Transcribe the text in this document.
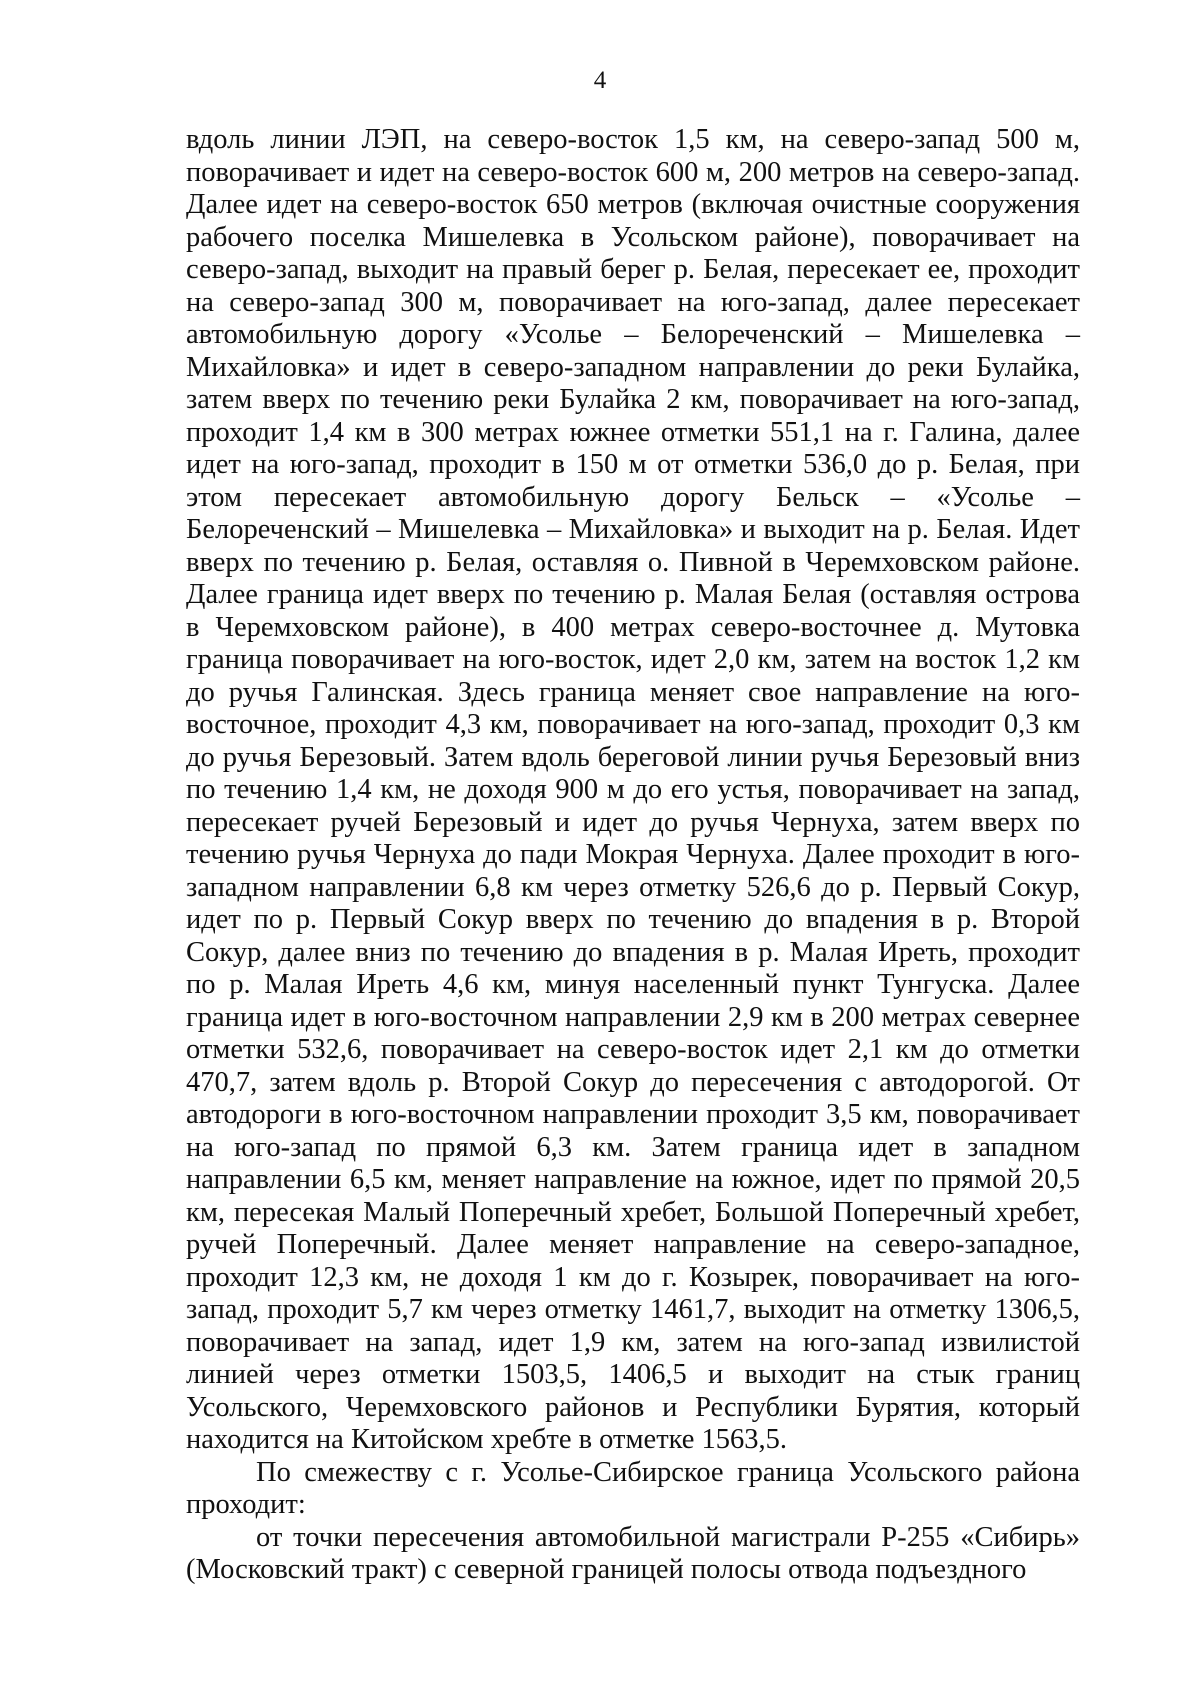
4

вдоль линии ЛЭП, на северо-восток 1,5 км, на северо-запад 500 м, поворачивает и идет на северо-восток 600 м, 200 метров на северо-запад. Далее идет на северо-восток 650 метров (включая очистные сооружения рабочего поселка Мишелевка в Усольском районе), поворачивает на северо-запад, выходит на правый берег р. Белая, пересекает ее, проходит на северо-запад 300 м, поворачивает на юго-запад, далее пересекает автомобильную дорогу «Усолье – Белореченский – Мишелевка – Михайловка» и идет в северо-западном направлении до реки Булайка, затем вверх по течению реки Булайка 2 км, поворачивает на юго-запад, проходит 1,4 км в 300 метрах южнее отметки 551,1 на г. Галина, далее идет на юго-запад, проходит в 150 м от отметки 536,0 до р. Белая, при этом пересекает автомобильную дорогу Бельск – «Усолье – Белореченский – Мишелевка – Михайловка» и выходит на р. Белая. Идет вверх по течению р. Белая, оставляя о. Пивной в Черемховском районе. Далее граница идет вверх по течению р. Малая Белая (оставляя острова в Черемховском районе), в 400 метрах северо-восточнее д. Мутовка граница поворачивает на юго-восток, идет 2,0 км, затем на восток 1,2 км до ручья Галинская. Здесь граница меняет свое направление на юго-восточное, проходит 4,3 км, поворачивает на юго-запад, проходит 0,3 км до ручья Березовый. Затем вдоль береговой линии ручья Березовый вниз по течению 1,4 км, не доходя 900 м до его устья, поворачивает на запад, пересекает ручей Березовый и идет до ручья Чернуха, затем вверх по течению ручья Чернуха до пади Мокрая Чернуха. Далее проходит в юго-западном направлении 6,8 км через отметку 526,6 до р. Первый Сокур, идет по р. Первый Сокур вверх по течению до впадения в р. Второй Сокур, далее вниз по течению до впадения в р. Малая Иреть, проходит по р. Малая Иреть 4,6 км, минуя населенный пункт Тунгуска. Далее граница идет в юго-восточном направлении 2,9 км в 200 метрах севернее отметки 532,6, поворачивает на северо-восток идет 2,1 км до отметки 470,7, затем вдоль р. Второй Сокур до пересечения с автодорогой. От автодороги в юго-восточном направлении проходит 3,5 км, поворачивает на юго-запад по прямой 6,3 км. Затем граница идет в западном направлении 6,5 км, меняет направление на южное, идет по прямой 20,5 км, пересекая Малый Поперечный хребет, Большой Поперечный хребет, ручей Поперечный. Далее меняет направление на северо-западное, проходит 12,3 км, не доходя 1 км до г. Козырек, поворачивает на юго-запад, проходит 5,7 км через отметку 1461,7, выходит на отметку 1306,5, поворачивает на запад, идет 1,9 км, затем на юго-запад извилистой линией через отметки 1503,5, 1406,5 и выходит на стык границ Усольского, Черемховского районов и Республики Бурятия, который находится на Китойском хребте в отметке 1563,5.

По смежеству с г. Усолье-Сибирское граница Усольского района проходит:

от точки пересечения автомобильной магистрали Р-255 «Сибирь» (Московский тракт) с северной границей полосы отвода подъездного
